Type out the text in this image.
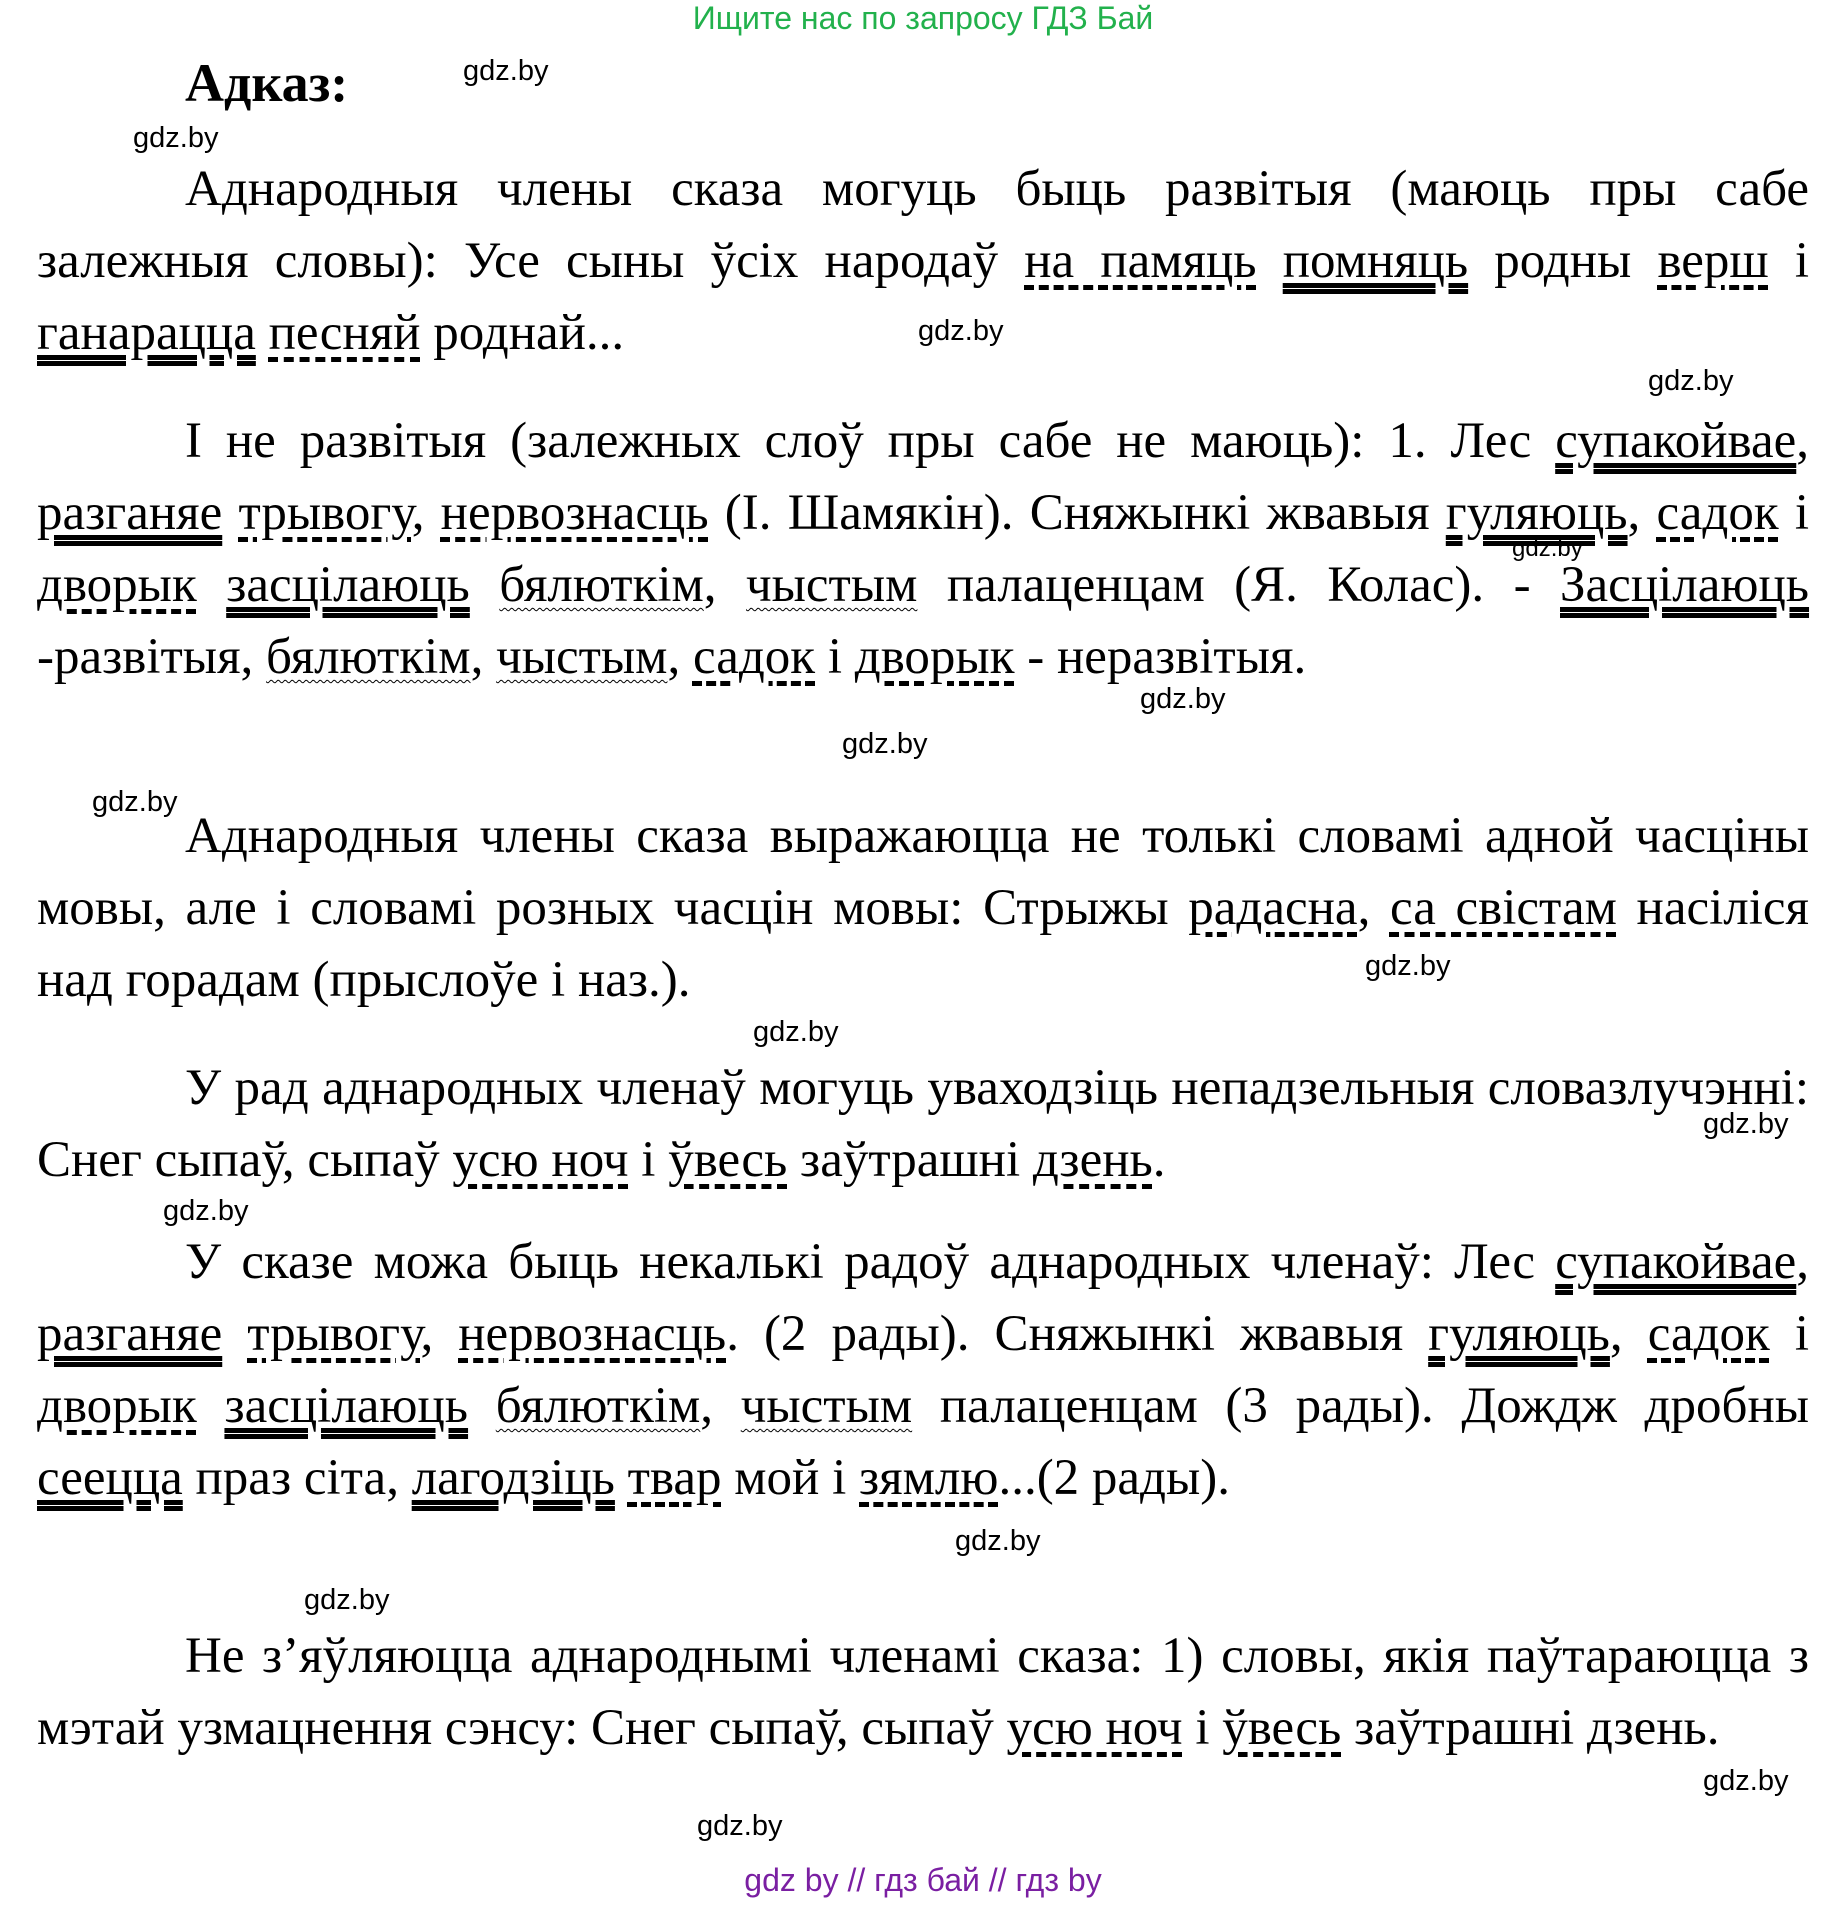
Ищите нас по запросу ГДЗ Бай
Адказ:	gdz.by
gdz.by
gdz.by
gdz.by
gdz.by
gdz.by
gdz.by
gdz.by
gdz.by
gdz.by
gdz.by
gdz.by
gdz.by
gdz.by
gdz.by
gdz.by
Аднародныя члены сказа могуць быць развітыя (маюць пры сабе залежныя словы): Усе сыны ўсіх народаў на памяць помняць родны верш і ганарацца песняй роднай...
І не развітыя (залежных слоў пры сабе не маюць): 1. Лес супакойвае, разганяе трывогу, нервознасць (І. Шамякін). Сняжынкі жвавыя гуляюць, садок і дворык засцілаюць бялюткім, чыстым палаценцам (Я. Колас). - Засцілаюць -развітыя, бялюткім, чыстым, садок і дворык - неразвітыя.
Аднародныя члены сказа выражаюцца не толькі словамі адной часціны мовы, але і словамі розных часцін мовы: Стрыжы радасна, са свістам насіліся над горадам (прыслоўе і наз.).
У рад аднародных членаў могуць уваходзіць непадзельныя словазлучэнні: Снег сыпаў, сыпаў усю ноч і ўвесь заўтрашні дзень.
У сказе можа быць некалькі радоў аднародных членаў: Лес супакойвае, разганяе трывогу, нервознасць. (2 рады). Сняжынкі жвавыя гуляюць, садок і дворык засцілаюць бялюткім, чыстым палаценцам (3 рады). Дождж дробны сеецца праз сіта, лагодзіць твар мой і зямлю...(2 рады).
Не з’яўляюцца аднароднымі членамі сказа: 1) словы, якія паўтараюцца з мэтай узмацнення сэнсу: Снег сыпаў, сыпаў усю ноч і ўвесь заўтрашні дзень.
gdz by // гдз бай // гдз by
